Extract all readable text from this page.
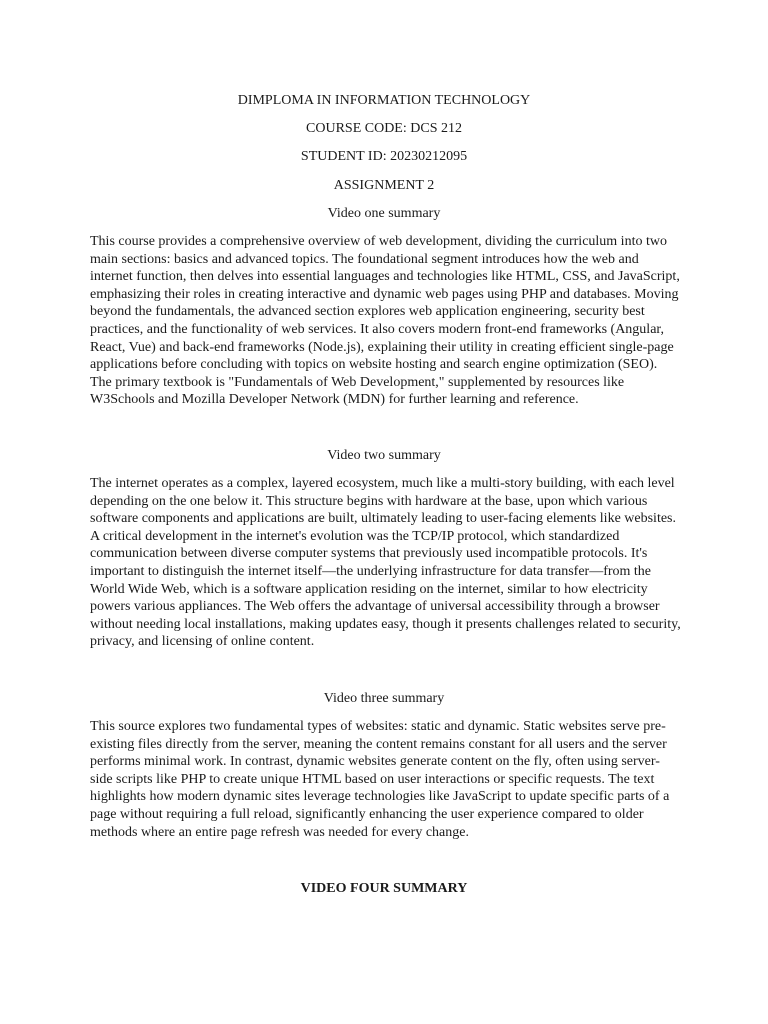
DIMPLOMA IN INFORMATION TECHNOLOGY
COURSE CODE: DCS 212
STUDENT ID: 20230212095
ASSIGNMENT 2
Video one summary
This course provides a comprehensive overview of web development, dividing the curriculum into two main sections: basics and advanced topics. The foundational segment introduces how the web and internet function, then delves into essential languages and technologies like HTML, CSS, and JavaScript, emphasizing their roles in creating interactive and dynamic web pages using PHP and databases. Moving beyond the fundamentals, the advanced section explores web application engineering, security best practices, and the functionality of web services. It also covers modern front-end frameworks (Angular, React, Vue) and back-end frameworks (Node.js), explaining their utility in creating efficient single-page applications before concluding with topics on website hosting and search engine optimization (SEO). The primary textbook is "Fundamentals of Web Development," supplemented by resources like W3Schools and Mozilla Developer Network (MDN) for further learning and reference.
Video two summary
The internet operates as a complex, layered ecosystem, much like a multi-story building, with each level depending on the one below it. This structure begins with hardware at the base, upon which various software components and applications are built, ultimately leading to user-facing elements like websites. A critical development in the internet's evolution was the TCP/IP protocol, which standardized communication between diverse computer systems that previously used incompatible protocols. It's important to distinguish the internet itself—the underlying infrastructure for data transfer—from the World Wide Web, which is a software application residing on the internet, similar to how electricity powers various appliances. The Web offers the advantage of universal accessibility through a browser without needing local installations, making updates easy, though it presents challenges related to security, privacy, and licensing of online content.
Video three summary
This source explores two fundamental types of websites: static and dynamic. Static websites serve pre-existing files directly from the server, meaning the content remains constant for all users and the server performs minimal work. In contrast, dynamic websites generate content on the fly, often using server-side scripts like PHP to create unique HTML based on user interactions or specific requests. The text highlights how modern dynamic sites leverage technologies like JavaScript to update specific parts of a page without requiring a full reload, significantly enhancing the user experience compared to older methods where an entire page refresh was needed for every change.
VIDEO FOUR SUMMARY
